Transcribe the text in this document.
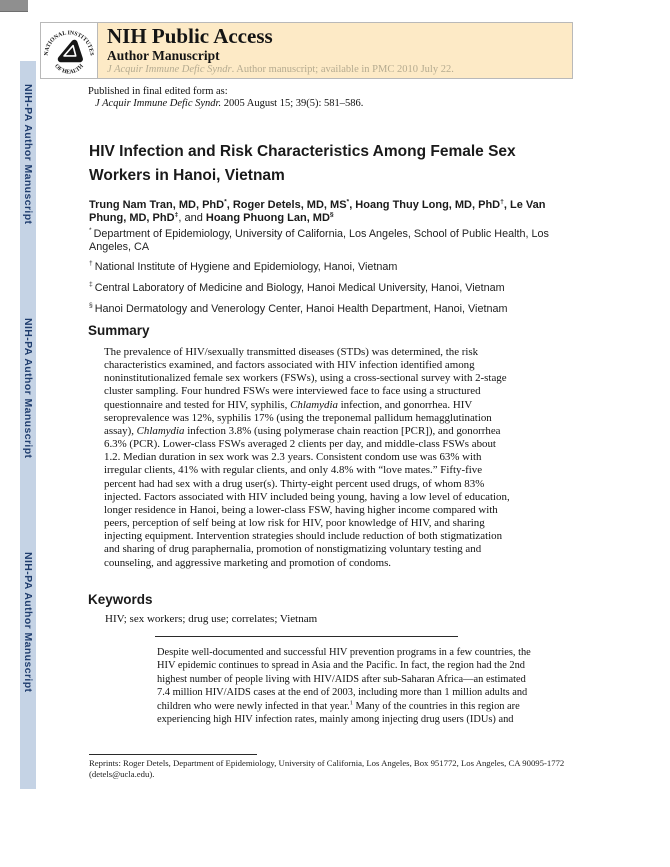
NIH-PA Author Manuscript
NIH-PA Author Manuscript
NIH-PA Author Manuscript
NATIONAL INSTITUTES
OF HEALTH
NIH Public Access
Author Manuscript
J Acquir Immune Defic Syndr. Author manuscript; available in PMC 2010 July 22.
Published in final edited form as:
J Acquir Immune Defic Syndr. 2005 August 15; 39(5): 581–586.
HIV Infection and Risk Characteristics Among Female Sex
Workers in Hanoi, Vietnam
Trung Nam Tran, MD, PhD*, Roger Detels, MD, MS*, Hoang Thuy Long, MD, PhD†, Le Van Phung, MD, PhD‡, and Hoang Phuong Lan, MD§
* Department of Epidemiology, University of California, Los Angeles, School of Public Health, Los Angeles, CA
† National Institute of Hygiene and Epidemiology, Hanoi, Vietnam
‡ Central Laboratory of Medicine and Biology, Hanoi Medical University, Hanoi, Vietnam
§ Hanoi Dermatology and Venerology Center, Hanoi Health Department, Hanoi, Vietnam
Summary
The prevalence of HIV/sexually transmitted diseases (STDs) was determined, the risk characteristics examined, and factors associated with HIV infection identified among noninstitutionalized female sex workers (FSWs), using a cross-sectional survey with 2-stage cluster sampling. Four hundred FSWs were interviewed face to face using a structured questionnaire and tested for HIV, syphilis, Chlamydia infection, and gonorrhea. HIV seroprevalence was 12%, syphilis 17% (using the treponemal pallidum hemagglutination assay), Chlamydia infection 3.8% (using polymerase chain reaction [PCR]), and gonorrhea 6.3% (PCR). Lower-class FSWs averaged 2 clients per day, and middle-class FSWs about 1.2. Median duration in sex work was 2.3 years. Consistent condom use was 63% with irregular clients, 41% with regular clients, and only 4.8% with “love mates.” Fifty-five percent had had sex with a drug user(s). Thirty-eight percent used drugs, of whom 83% injected. Factors associated with HIV included being young, having a low level of education, longer residence in Hanoi, being a lower-class FSW, having higher income compared with peers, perception of self being at low risk for HIV, poor knowledge of HIV, and sharing injecting equipment. Intervention strategies should include reduction of both stigmatization and sharing of drug paraphernalia, promotion of nonstigmatizing voluntary testing and counseling, and aggressive marketing and promotion of condoms.
Keywords
HIV; sex workers; drug use; correlates; Vietnam
Despite well-documented and successful HIV prevention programs in a few countries, the HIV epidemic continues to spread in Asia and the Pacific. In fact, the region had the 2nd highest number of people living with HIV/AIDS after sub-Saharan Africa—an estimated 7.4 million HIV/AIDS cases at the end of 2003, including more than 1 million adults and children who were newly infected in that year.$^1$ Many of the countries in this region are experiencing high HIV infection rates, mainly among injecting drug users (IDUs) and
Reprints: Roger Detels, Department of Epidemiology, University of California, Los Angeles, Box 951772, Los Angeles, CA 90095-1772 (detels@ucla.edu).
